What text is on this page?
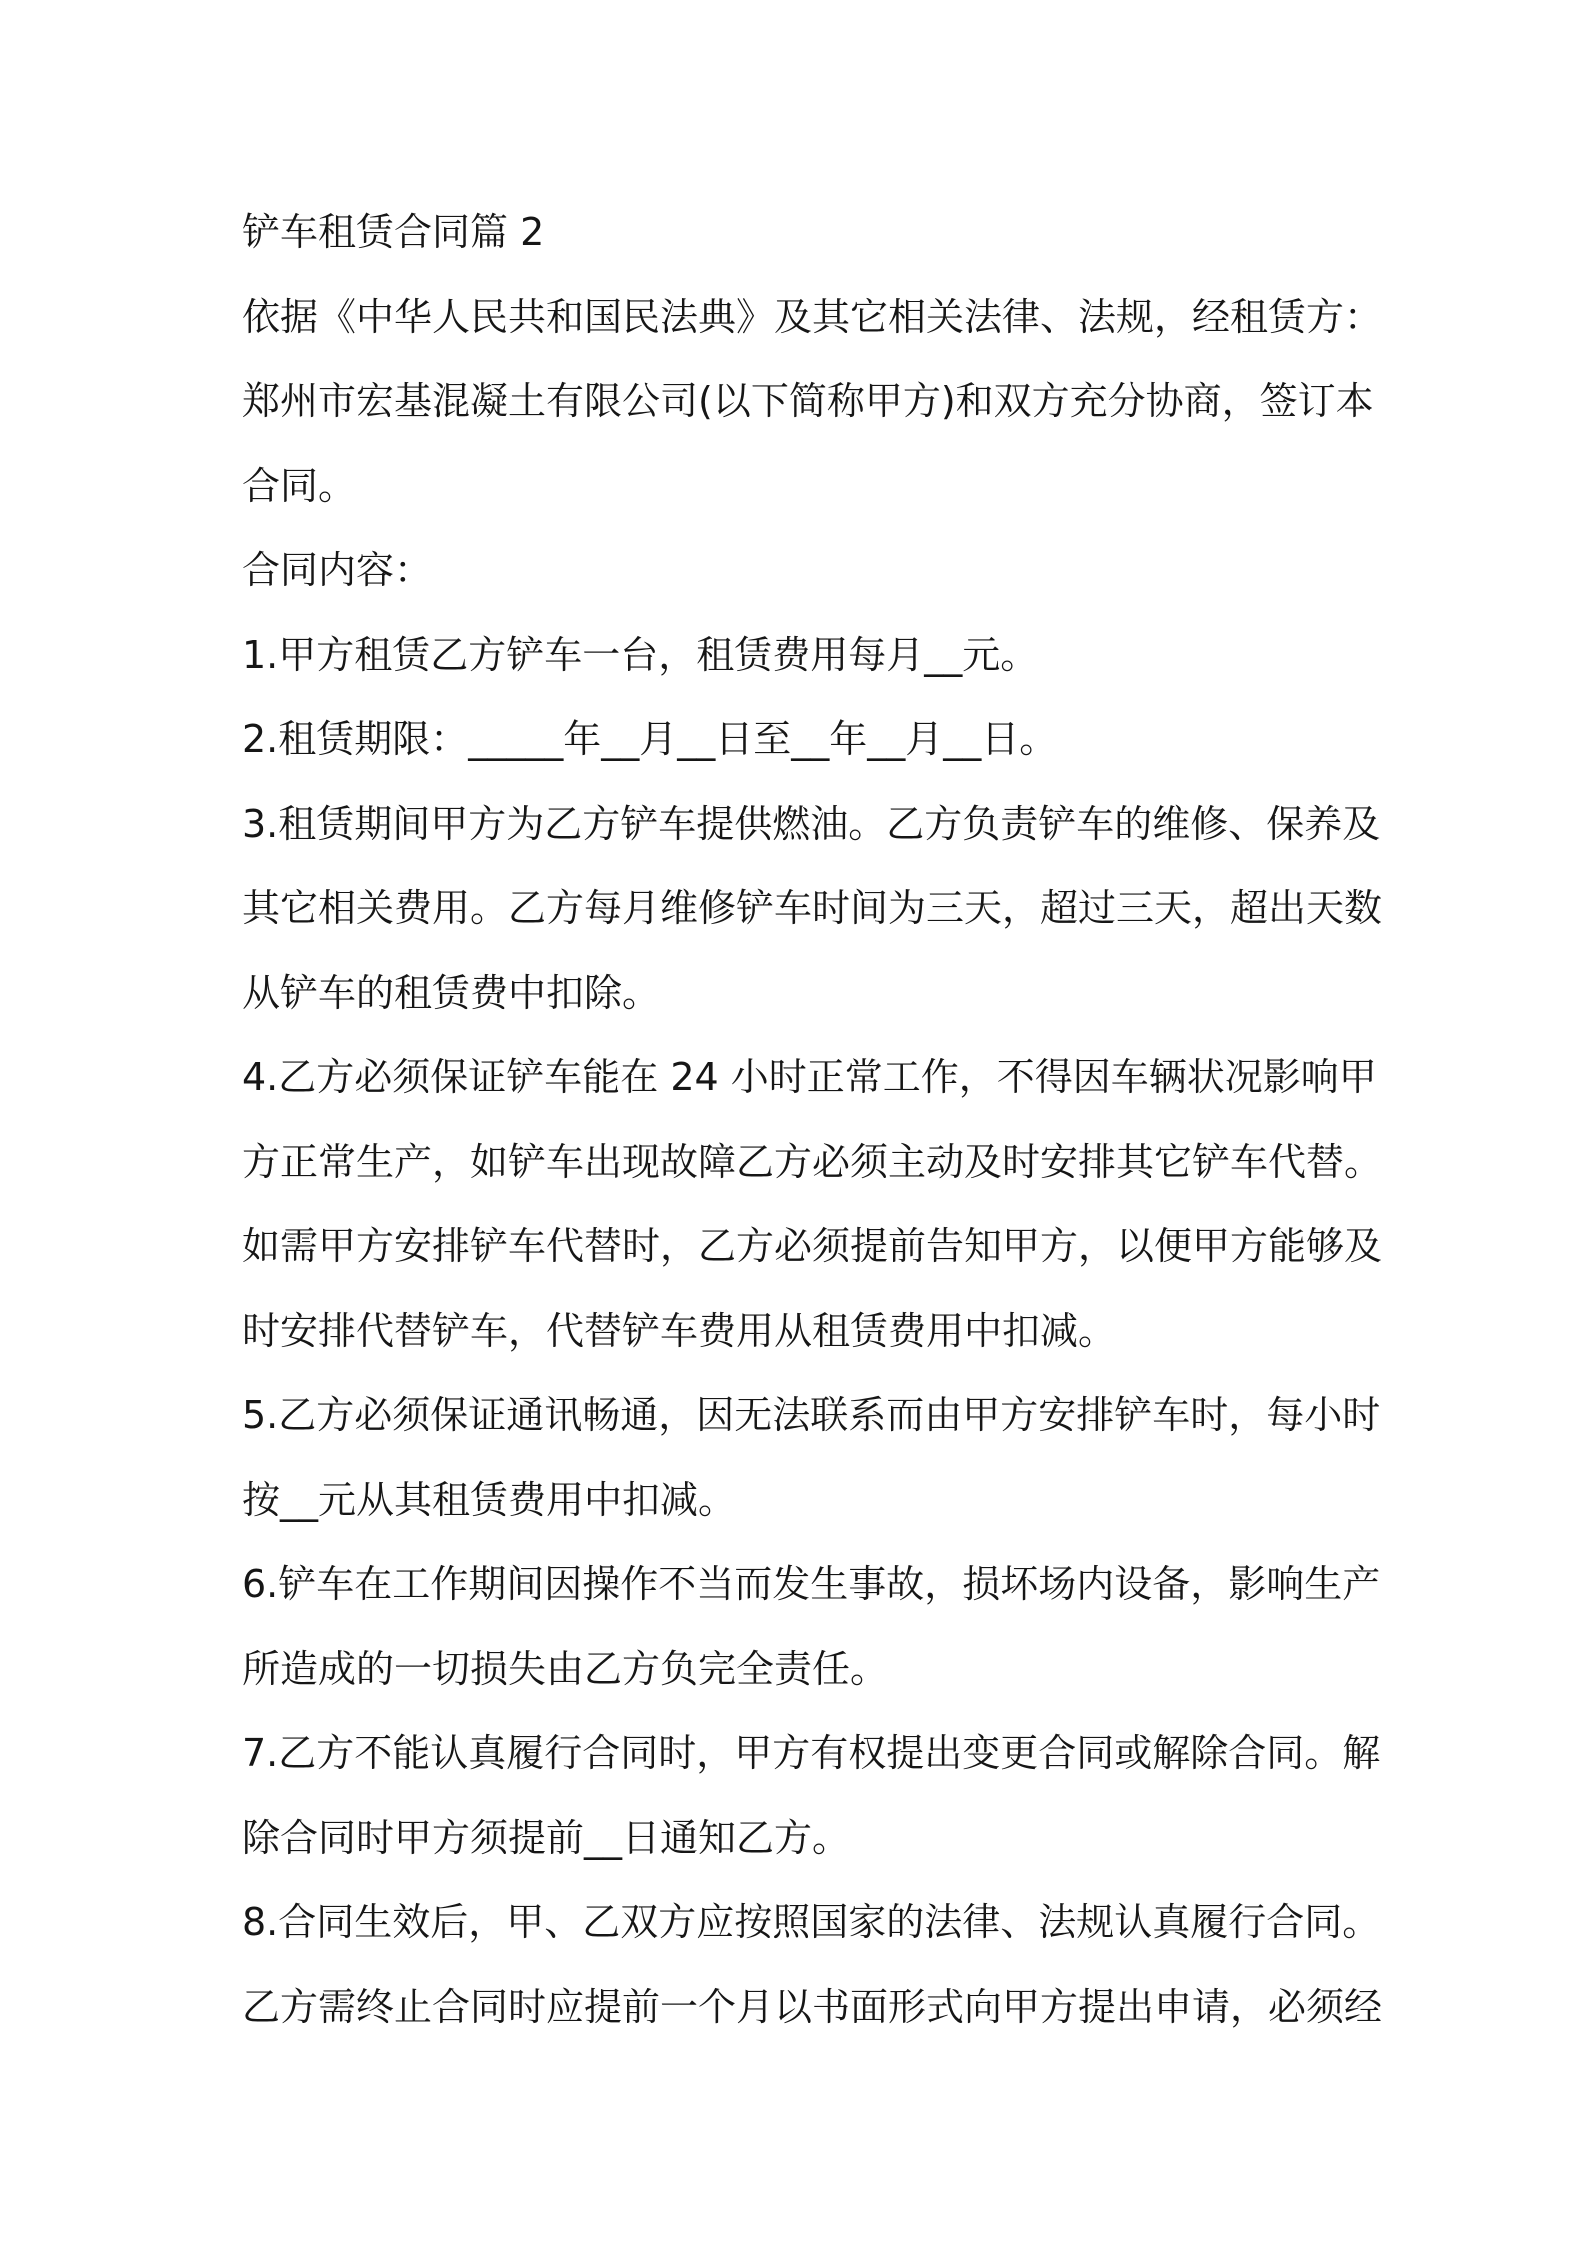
铲车租赁合同篇 2
依据《中华人民共和国民法典》及其它相关法律、法规，经租赁方：
郑州市宏基混凝土有限公司(以下简称甲方)和双方充分协商，签订本
合同。
合同内容：
1.甲方租赁乙方铲车一台，租赁费用每月__元。
2.租赁期限：_____年__月__日至__年__月__日。
3.租赁期间甲方为乙方铲车提供燃油。乙方负责铲车的维修、保养及
其它相关费用。乙方每月维修铲车时间为三天，超过三天，超出天数
从铲车的租赁费中扣除。
4.乙方必须保证铲车能在 24 小时正常工作，不得因车辆状况影响甲
方正常生产，如铲车出现故障乙方必须主动及时安排其它铲车代替。
如需甲方安排铲车代替时，乙方必须提前告知甲方，以便甲方能够及
时安排代替铲车，代替铲车费用从租赁费用中扣减。
5.乙方必须保证通讯畅通，因无法联系而由甲方安排铲车时，每小时
按__元从其租赁费用中扣减。
6.铲车在工作期间因操作不当而发生事故，损坏场内设备，影响生产
所造成的一切损失由乙方负完全责任。
7.乙方不能认真履行合同时，甲方有权提出变更合同或解除合同。解
除合同时甲方须提前__日通知乙方。
8.合同生效后，甲、乙双方应按照国家的法律、法规认真履行合同。
乙方需终止合同时应提前一个月以书面形式向甲方提出申请，必须经
